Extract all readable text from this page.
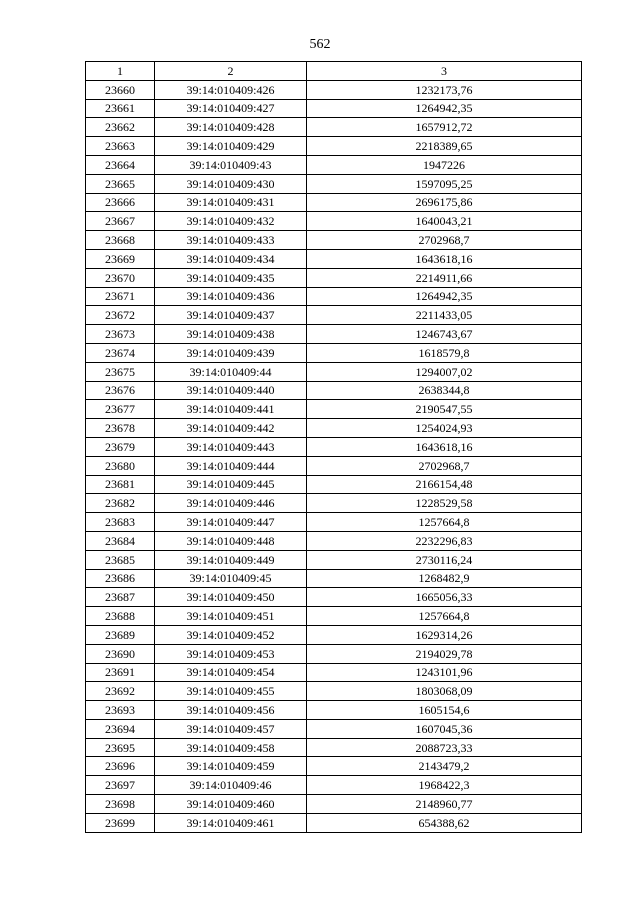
562
1	2	3
23660	39:14:010409:426	1232173,76
23661	39:14:010409:427	1264942,35
23662	39:14:010409:428	1657912,72
23663	39:14:010409:429	2218389,65
23664	39:14:010409:43	1947226
23665	39:14:010409:430	1597095,25
23666	39:14:010409:431	2696175,86
23667	39:14:010409:432	1640043,21
23668	39:14:010409:433	2702968,7
23669	39:14:010409:434	1643618,16
23670	39:14:010409:435	2214911,66
23671	39:14:010409:436	1264942,35
23672	39:14:010409:437	2211433,05
23673	39:14:010409:438	1246743,67
23674	39:14:010409:439	1618579,8
23675	39:14:010409:44	1294007,02
23676	39:14:010409:440	2638344,8
23677	39:14:010409:441	2190547,55
23678	39:14:010409:442	1254024,93
23679	39:14:010409:443	1643618,16
23680	39:14:010409:444	2702968,7
23681	39:14:010409:445	2166154,48
23682	39:14:010409:446	1228529,58
23683	39:14:010409:447	1257664,8
23684	39:14:010409:448	2232296,83
23685	39:14:010409:449	2730116,24
23686	39:14:010409:45	1268482,9
23687	39:14:010409:450	1665056,33
23688	39:14:010409:451	1257664,8
23689	39:14:010409:452	1629314,26
23690	39:14:010409:453	2194029,78
23691	39:14:010409:454	1243101,96
23692	39:14:010409:455	1803068,09
23693	39:14:010409:456	1605154,6
23694	39:14:010409:457	1607045,36
23695	39:14:010409:458	2088723,33
23696	39:14:010409:459	2143479,2
23697	39:14:010409:46	1968422,3
23698	39:14:010409:460	2148960,77
23699	39:14:010409:461	654388,62
